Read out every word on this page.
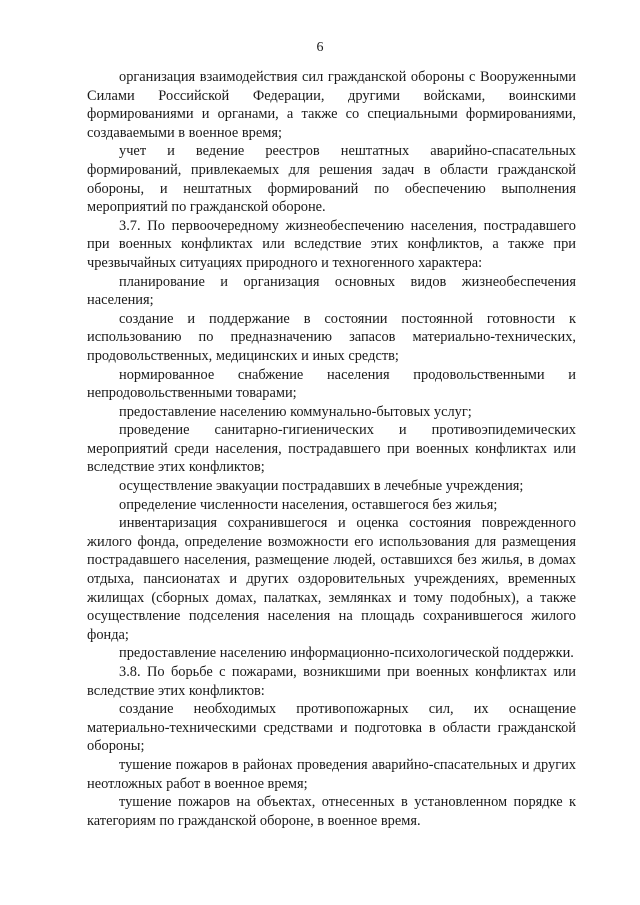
6

организация взаимодействия сил гражданской обороны с Вооруженными Силами Российской Федерации, другими войсками, воинскими формированиями и органами, а также со специальными формированиями, создаваемыми в военное время;

учет и ведение реестров нештатных аварийно-спасательных формирований, привлекаемых для решения задач в области гражданской обороны, и нештатных формирований по обеспечению выполнения мероприятий по гражданской обороне.

3.7. По первоочередному жизнеобеспечению населения, пострадавшего при военных конфликтах или вследствие этих конфликтов, а также при чрезвычайных ситуациях природного и техногенного характера:

планирование и организация основных видов жизнеобеспечения населения;

создание и поддержание в состоянии постоянной готовности к использованию по предназначению запасов материально-технических, продовольственных, медицинских и иных средств;

нормированное снабжение населения продовольственными и непродовольственными товарами;

предоставление населению коммунально-бытовых услуг;

проведение санитарно-гигиенических и противоэпидемических мероприятий среди населения, пострадавшего при военных конфликтах или вследствие этих конфликтов;

осуществление эвакуации пострадавших в лечебные учреждения;

определение численности населения, оставшегося без жилья;

инвентаризация сохранившегося и оценка состояния поврежденного жилого фонда, определение возможности его использования для размещения пострадавшего населения, размещение людей, оставшихся без жилья, в домах отдыха, пансионатах и других оздоровительных учреждениях, временных жилищах (сборных домах, палатках, землянках и тому подобных), а также осуществление подселения населения на площадь сохранившегося жилого фонда;

предоставление населению информационно-психологической поддержки.

3.8. По борьбе с пожарами, возникшими при военных конфликтах или вследствие этих конфликтов:

создание необходимых противопожарных сил, их оснащение материально-техническими средствами и подготовка в области гражданской обороны;

тушение пожаров в районах проведения аварийно-спасательных и других неотложных работ в военное время;

тушение пожаров на объектах, отнесенных в установленном порядке к категориям по гражданской обороне, в военное время.
